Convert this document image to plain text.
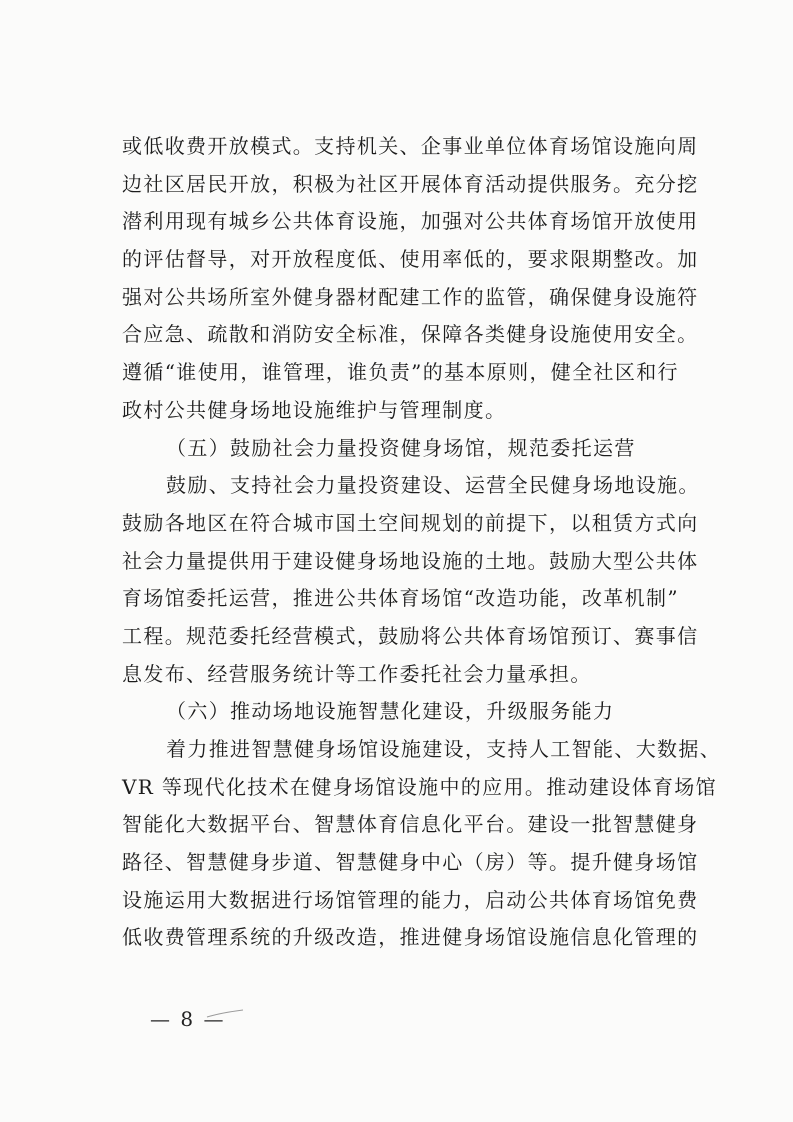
或低收费开放模式。支持机关、企事业单位体育场馆设施向周
边社区居民开放，积极为社区开展体育活动提供服务。充分挖
潜利用现有城乡公共体育设施，加强对公共体育场馆开放使用
的评估督导，对开放程度低、使用率低的，要求限期整改。加
强对公共场所室外健身器材配建工作的监管，确保健身设施符
合应急、疏散和消防安全标准，保障各类健身设施使用安全。
遵循“谁使用，谁管理，谁负责”的基本原则，健全社区和行
政村公共健身场地设施维护与管理制度。
（五）鼓励社会力量投资健身场馆，规范委托运营
鼓励、支持社会力量投资建设、运营全民健身场地设施。
鼓励各地区在符合城市国土空间规划的前提下，以租赁方式向
社会力量提供用于建设健身场地设施的土地。鼓励大型公共体
育场馆委托运营，推进公共体育场馆“改造功能，改革机制”
工程。规范委托经营模式，鼓励将公共体育场馆预订、赛事信
息发布、经营服务统计等工作委托社会力量承担。
（六）推动场地设施智慧化建设，升级服务能力
着力推进智慧健身场馆设施建设，支持人工智能、大数据、
VR 等现代化技术在健身场馆设施中的应用。推动建设体育场馆
智能化大数据平台、智慧体育信息化平台。建设一批智慧健身
路径、智慧健身步道、智慧健身中心（房）等。提升健身场馆
设施运用大数据进行场馆管理的能力，启动公共体育场馆免费
低收费管理系统的升级改造，推进健身场馆设施信息化管理的
— 8 —
